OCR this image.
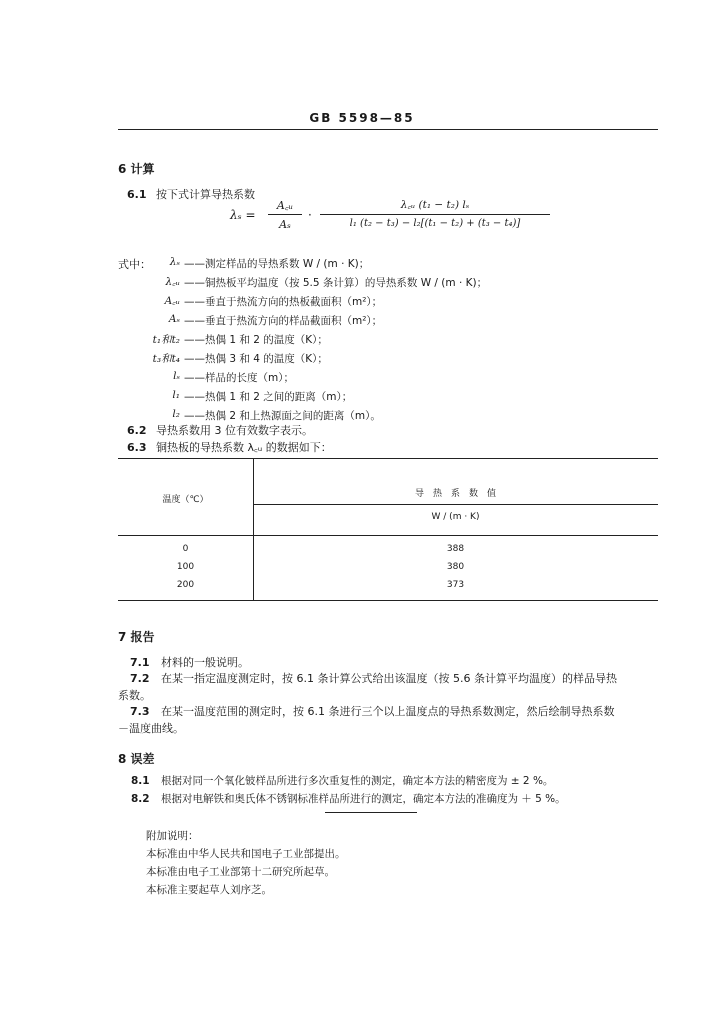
GB 5598—85
6 计算
6.1 按下式计算导热系数
λₛ =
A꜀ᵤ
Aₛ
·
λ꜀ᵤ (t₁ − t₂) lₛ
l₁ (t₂ − t₃) − l₂[(t₁ − t₂) + (t₃ − t₄)]
式中：	λₛ ——测定样品的导热系数 W / (m · K)；
λ꜀ᵤ ——铜热板平均温度（按 5.5 条计算）的导热系数 W / (m · K)；
A꜀ᵤ ——垂直于热流方向的热板截面积（m²）；
Aₛ ——垂直于热流方向的样品截面积（m²）；
t₁和t₂ ——热偶 1 和 2 的温度（K）；
t₃和t₄ ——热偶 3 和 4 的温度（K）；
lₛ ——样品的长度（m）；
l₁ ——热偶 1 和 2 之间的距离（m）；
l₂ ——热偶 2 和上热源面之间的距离（m）。
6.2 导热系数用 3 位有效数字表示。
6.3 铜热板的导热系数 λ꜀ᵤ 的数据如下：
温度（℃）
导　热　系　数　值
W / (m · K)
0	388
100	380
200	373
7 报告
7.1 材料的一般说明。
7.2 在某一指定温度测定时，按 6.1 条计算公式给出该温度（按 5.6 条计算平均温度）的样品导热
系数。
7.3 在某一温度范围的测定时，按 6.1 条进行三个以上温度点的导热系数测定，然后绘制导热系数
－温度曲线。
8 误差
8.1 根据对同一个氧化铍样品所进行多次重复性的测定，确定本方法的精密度为 ± 2 %。
8.2 根据对电解铁和奥氏体不锈钢标准样品所进行的测定，确定本方法的准确度为 ＋ 5 %。
附加说明：
本标准由中华人民共和国电子工业部提出。
本标准由电子工业部第十二研究所起草。
本标准主要起草人刘序芝。
